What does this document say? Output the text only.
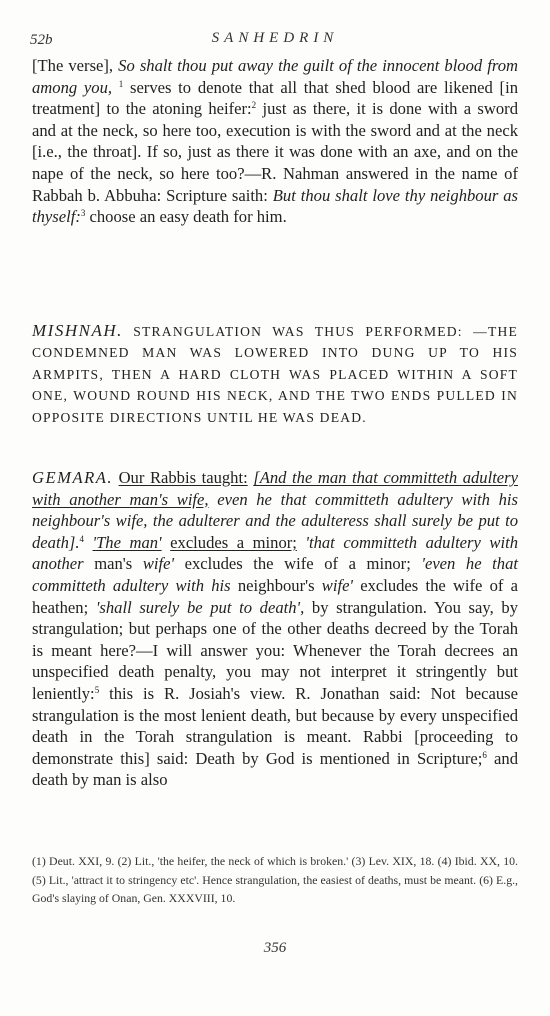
52b	SANHEDRIN

[The verse], So shalt thou put away the guilt of the innocent blood from among you, $^1$ serves to denote that all that shed blood are likened [in treatment] to the atoning heifer:$^2$ just as there, it is done with a sword and at the neck, so here too, execution is with the sword and at the neck [i.e., the throat]. If so, just as there it was done with an axe, and on the nape of the neck, so here too?—R. Nahman answered in the name of Rabbah b. Abbuha: Scripture saith: But thou shalt love thy neighbour as thyself:$^3$ choose an easy death for him.

MISHNAH. STRANGULATION WAS THUS PERFORMED: —THE CONDEMNED MAN WAS LOWERED INTO DUNG UP TO HIS ARMPITS, THEN A HARD CLOTH WAS PLACED WITHIN A SOFT ONE, WOUND ROUND HIS NECK, AND THE TWO ENDS PULLED IN OPPOSITE DIRECTIONS UNTIL HE WAS DEAD.

GEMARA. Our Rabbis taught: [And the man that committeth adultery with another man's wife, even he that committeth adultery with his neighbour's wife, the adulterer and the adulteress shall surely be put to death].$^4$ 'The man' excludes a minor; 'that committeth adultery with another man's wife' excludes the wife of a minor; 'even he that committeth adultery with his neighbour's wife' excludes the wife of a heathen; 'shall surely be put to death', by strangulation. You say, by strangulation; but perhaps one of the other deaths decreed by the Torah is meant here?—I will answer you: Whenever the Torah decrees an unspecified death penalty, you may not interpret it stringently but leniently:$^5$ this is R. Josiah's view. R. Jonathan said: Not because strangulation is the most lenient death, but because by every unspecified death in the Torah strangulation is meant. Rabbi [proceeding to demonstrate this] said: Death by God is mentioned in Scripture;$^6$ and death by man is also

(1) Deut. XXI, 9. (2) Lit., 'the heifer, the neck of which is broken.' (3) Lev. XIX, 18. (4) Ibid. XX, 10. (5) Lit., 'attract it to stringency etc'. Hence strangulation, the easiest of deaths, must be meant. (6) E.g., God's slaying of Onan, Gen. XXXVIII, 10.
356
